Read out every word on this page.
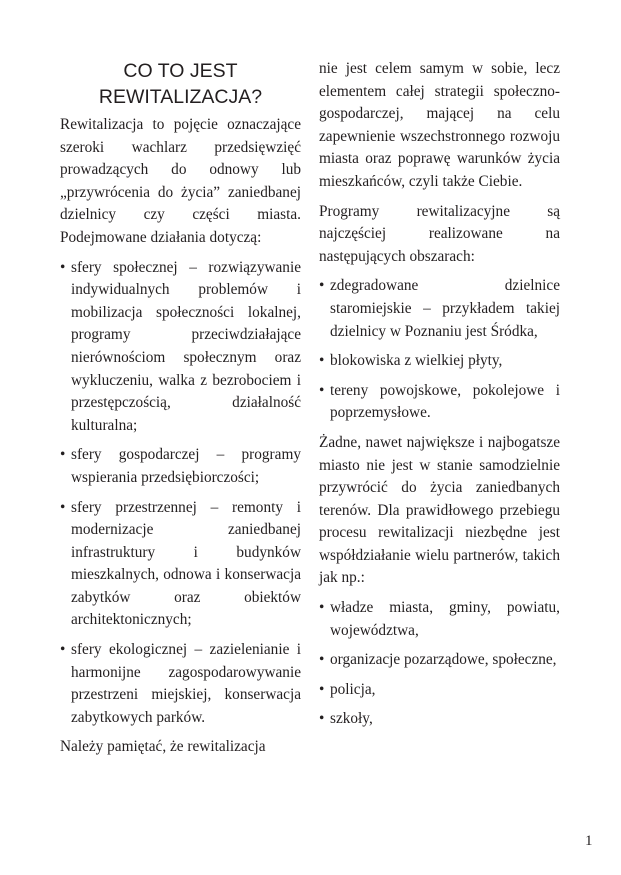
CO TO JEST
REWITALIZACJA?

Rewitalizacja to pojęcie oznaczające szeroki wachlarz przedsięwzięć prowadzących do odnowy lub „przywrócenia do życia” zaniedbanej dzielnicy czy części miasta. Podejmowane działania dotyczą:

• sfery społecznej – rozwiązywanie indywidualnych problemów i mobilizacja społeczności lokalnej, programy przeciwdziałające nierównościom społecznym oraz wykluczeniu, walka z bezrobociem i przestępczością, działalność kulturalna;
• sfery gospodarczej – programy wspierania przedsiębiorczości;
• sfery przestrzennej – remonty i modernizacje zaniedbanej infrastruktury i budynków mieszkalnych, odnowa i konserwacja zabytków oraz obiektów architektonicznych;
• sfery ekologicznej – zazielenianie i harmonijne zagospodarowywanie przestrzeni miejskiej, konserwacja zabytkowych parków.

Należy pamiętać, że rewitalizacja

nie jest celem samym w sobie, lecz elementem całej strategii społeczno-gospodarczej, mającej na celu zapewnienie wszechstronnego rozwoju miasta oraz poprawę warunków życia mieszkańców, czyli także Ciebie.

Programy rewitalizacyjne są najczęściej realizowane na następujących obszarach:

• zdegradowane dzielnice staromiejskie – przykładem takiej dzielnicy w Poznaniu jest Śródka,
• blokowiska z wielkiej płyty,
• tereny powojskowe, pokolejowe i poprzemysłowe.

Żadne, nawet największe i najbogatsze miasto nie jest w stanie samodzielnie przywrócić do życia zaniedbanych terenów. Dla prawidłowego przebiegu procesu rewitalizacji niezbędne jest współdziałanie wielu partnerów, takich jak np.:

• władze miasta, gminy, powiatu, województwa,
• organizacje pozarządowe, społeczne,
• policja,
• szkoły,
1
